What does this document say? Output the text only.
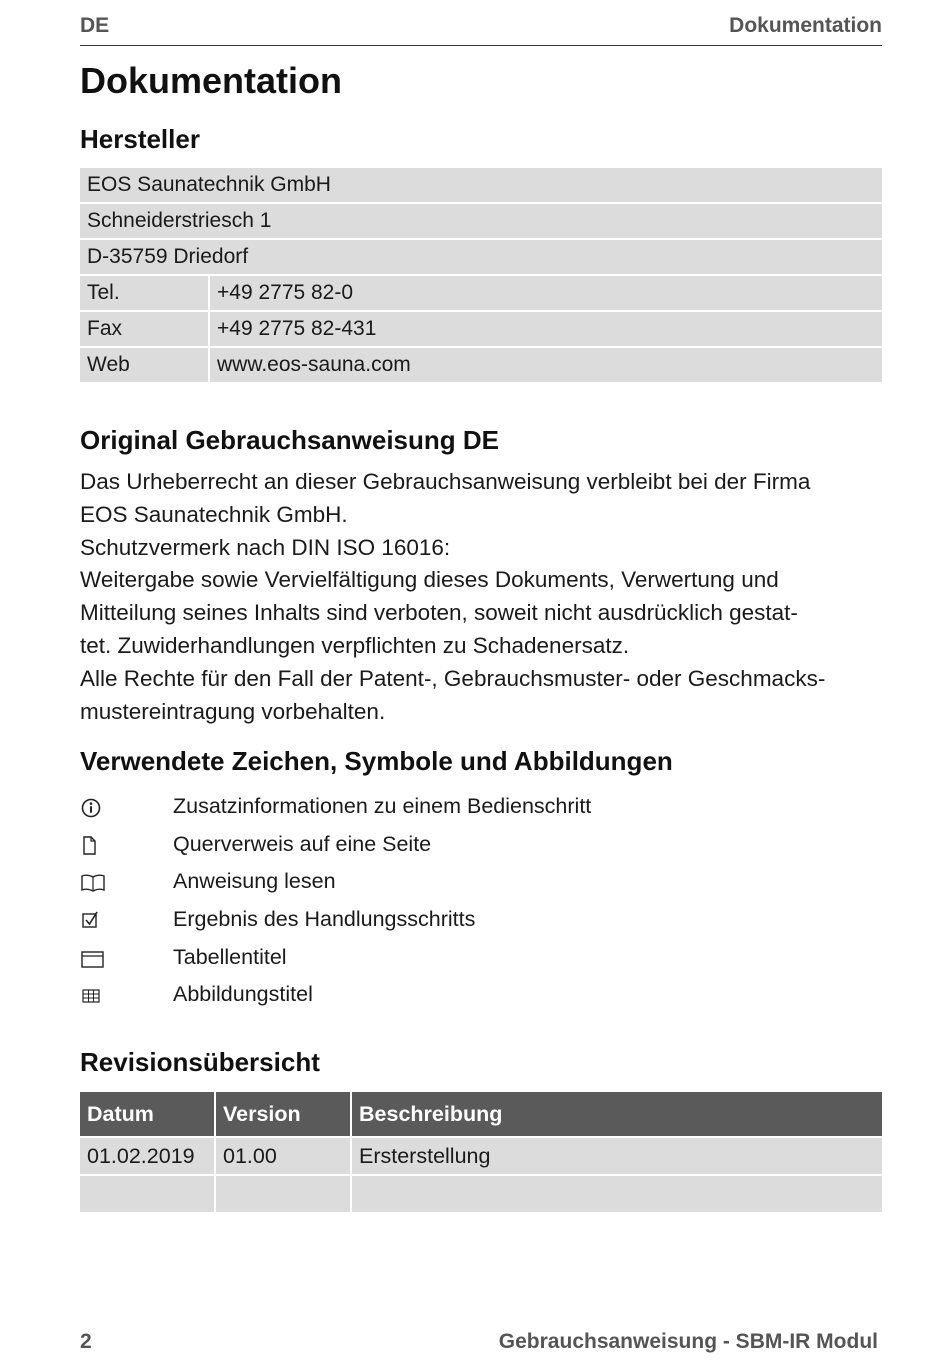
DE	Dokumentation
Dokumentation
Hersteller
EOS Saunatechnik GmbH	
Schneiderstriesch 1	
D-35759 Driedorf	
Tel.	+49 2775 82-0
Fax	+49 2775 82-431
Web	www.eos-sauna.com
Original Gebrauchsanweisung DE

Das Urheberrecht an dieser Gebrauchsanweisung verbleibt bei der Firma

EOS Saunatechnik GmbH.

Schutzvermerk nach DIN ISO 16016:

Weitergabe sowie Vervielfältigung dieses Dokuments, Verwertung und

Mitteilung seines Inhalts sind verboten, soweit nicht ausdrücklich gestat-

tet. Zuwiderhandlungen verpflichten zu Schadenersatz.

Alle Rechte für den Fall der Patent-, Gebrauchsmuster- oder Geschmacks-

mustereintragung vorbehalten.

Verwendete Zeichen, Symbole und Abbildungen
Zusatzinformationen zu einem Bedienschritt
Querverweis auf eine Seite
Anweisung lesen
Ergebnis des Handlungsschritts
Tabellentitel
Abbildungstitel
Revisionsübersicht
Datum	Version	Beschreibung
01.02.2019	01.00	Ersterstellung

2	Gebrauchsanweisung - SBM-IR Modul
